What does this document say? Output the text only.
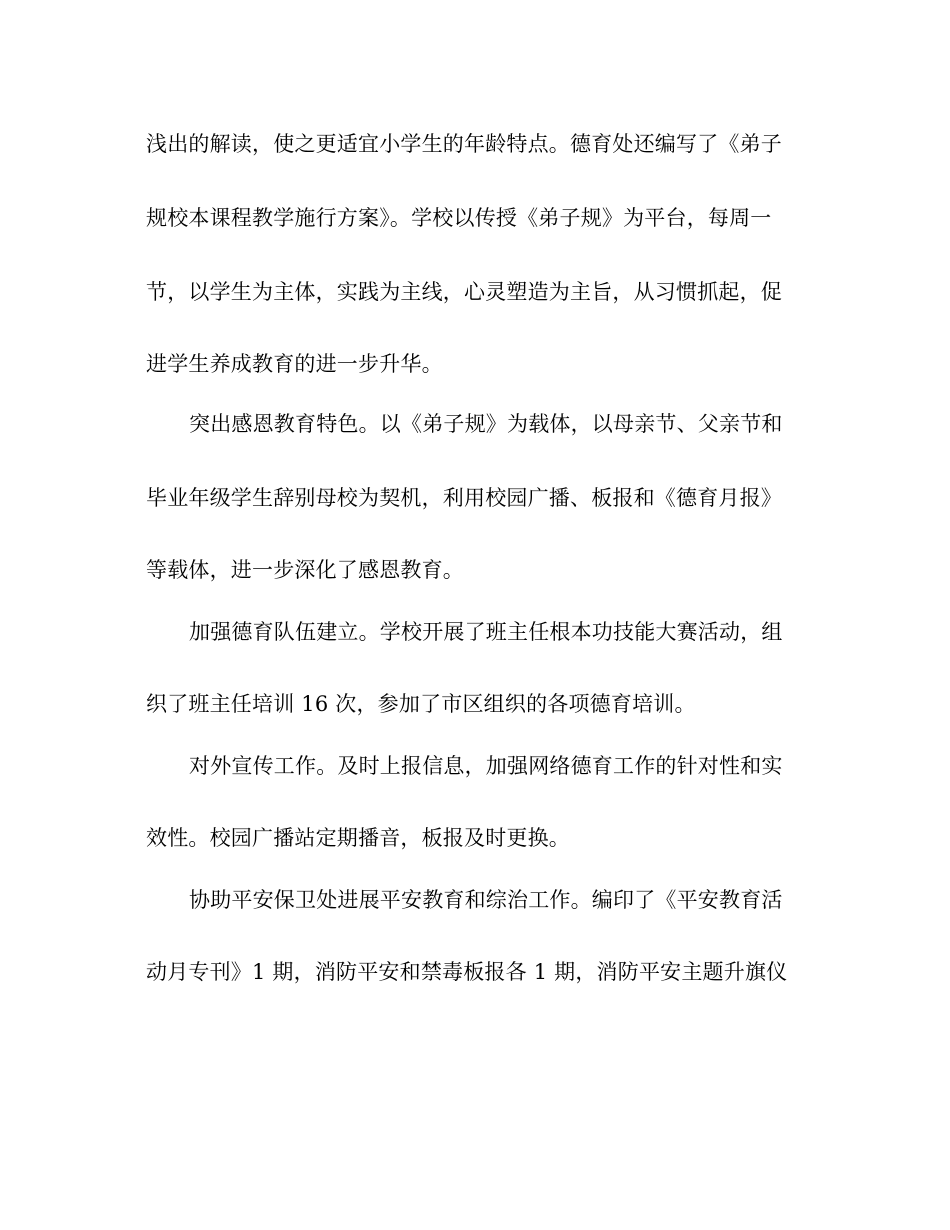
浅出的解读，使之更适宜小学生的年龄特点。德育处还编写了《弟子
规校本课程教学施行方案》。学校以传授《弟子规》为平台，每周一
节，以学生为主体，实践为主线，心灵塑造为主旨，从习惯抓起，促
进学生养成教育的进一步升华。
突出感恩教育特色。以《弟子规》为载体，以母亲节、父亲节和
毕业年级学生辞别母校为契机，利用校园广播、板报和《德育月报》
等载体，进一步深化了感恩教育。
加强德育队伍建立。学校开展了班主任根本功技能大赛活动，组
织了班主任培训 16 次，参加了市区组织的各项德育培训。
对外宣传工作。及时上报信息，加强网络德育工作的针对性和实
效性。校园广播站定期播音，板报及时更换。
协助平安保卫处进展平安教育和综治工作。编印了《平安教育活
动月专刊》1 期，消防平安和禁毒板报各 1 期，消防平安主题升旗仪
